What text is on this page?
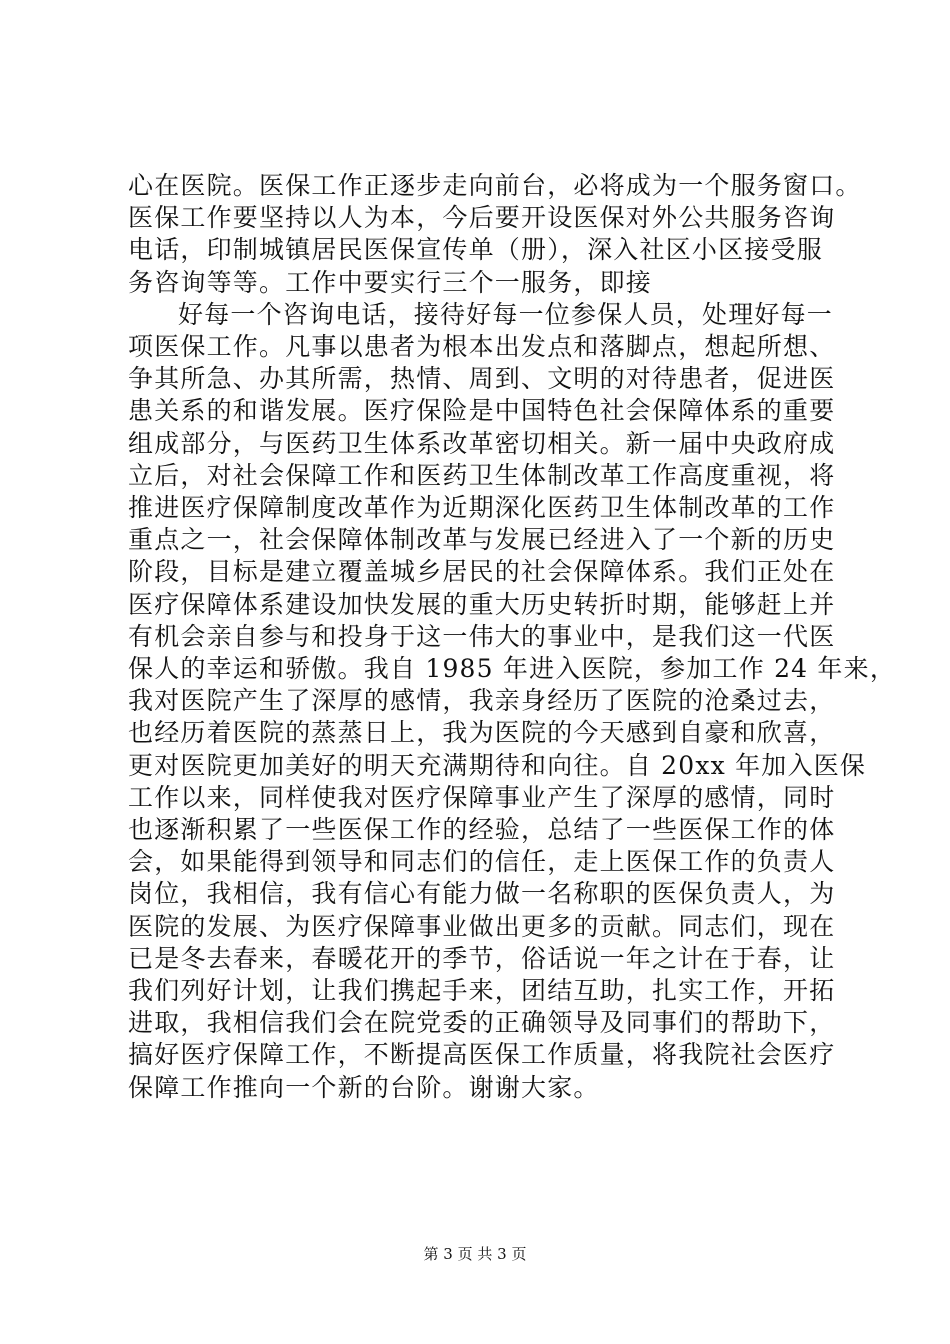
心在医院。医保工作正逐步走向前台，必将成为一个服务窗口。
医保工作要坚持以人为本，今后要开设医保对外公共服务咨询
电话，印制城镇居民医保宣传单（册），深入社区小区接受服
务咨询等等。工作中要实行三个一服务，即接
好每一个咨询电话，接待好每一位参保人员，处理好每一
项医保工作。凡事以患者为根本出发点和落脚点，想起所想、
争其所急、办其所需，热情、周到、文明的对待患者，促进医
患关系的和谐发展。医疗保险是中国特色社会保障体系的重要
组成部分，与医药卫生体系改革密切相关。新一届中央政府成
立后，对社会保障工作和医药卫生体制改革工作高度重视，将
推进医疗保障制度改革作为近期深化医药卫生体制改革的工作
重点之一，社会保障体制改革与发展已经进入了一个新的历史
阶段，目标是建立覆盖城乡居民的社会保障体系。我们正处在
医疗保障体系建设加快发展的重大历史转折时期，能够赶上并
有机会亲自参与和投身于这一伟大的事业中，是我们这一代医
保人的幸运和骄傲。我自 1985 年进入医院，参加工作 24 年来，
我对医院产生了深厚的感情，我亲身经历了医院的沧桑过去，
也经历着医院的蒸蒸日上，我为医院的今天感到自豪和欣喜，
更对医院更加美好的明天充满期待和向往。自 20xx 年加入医保
工作以来，同样使我对医疗保障事业产生了深厚的感情，同时
也逐渐积累了一些医保工作的经验，总结了一些医保工作的体
会，如果能得到领导和同志们的信任，走上医保工作的负责人
岗位，我相信，我有信心有能力做一名称职的医保负责人，为
医院的发展、为医疗保障事业做出更多的贡献。同志们，现在
已是冬去春来，春暖花开的季节，俗话说一年之计在于春，让
我们列好计划，让我们携起手来，团结互助，扎实工作，开拓
进取，我相信我们会在院党委的正确领导及同事们的帮助下，
搞好医疗保障工作，不断提高医保工作质量，将我院社会医疗
保障工作推向一个新的台阶。谢谢大家。
第 3 页 共 3 页
